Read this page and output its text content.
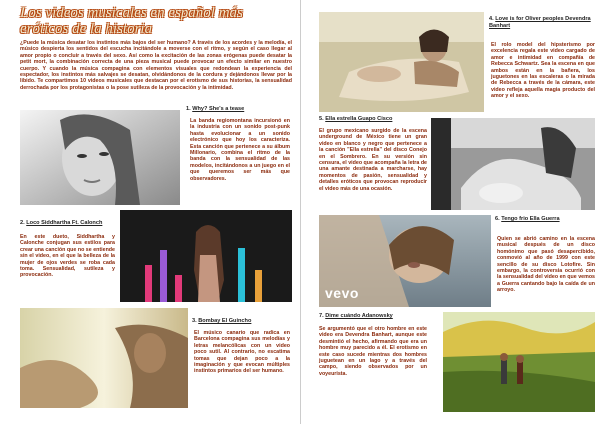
Los videos musicales en español más eróticos de la historia

¿Puede la música desatar los instintos más bajos del ser humano? A través de los acordes y la melodía, el músico despierta los sentidos del escucha incitándole a moverse con el ritmo, y según el caso llegar al amor propio o concluir a través del sexo. Así como la excitación de las zonas erógenas puede desatar la petit mort, la combinación correcta de una pieza musical puede provocar un efecto similar en nuestro cuerpo. Y cuando la música compagina con elementos visuales que redondean la experiencia del espectador, los instintos más salvajes se desatan, olvidándonos de la cordura y dejándonos llevar por la libido. Te compartimos 10 videos musicales que destacan por el erotismo de sus historias, la sensualidad derrochada por los protagonistas o la pose sutileza de la provocación y la intimidad.

1. Why? She's a tease

La banda regiomontana incursionó en la industria con un sonido post-punk hasta evolucionar a un sonido electrónico que hoy los caracteriza. Esta canción que pertenece a su álbum Millonario, combina el ritmo de la banda con la sensualidad de las modelos, incitándonos a un juego en el que queremos ser más que observadores.

2. Loco Siddhartha Ft. Calonch

En este dueto, Siddhartha y Calonche conjugan sus estilos para crear una canción que no se entiende sin el video, en el que la belleza de la mujer de ojos verdes se roba cada toma. Sensualidad, sutileza y provocación.

3. Bombay El Guincho

El músico canario que radica en Barcelona compagina sus melodías y letras melancólicas con un video poco sutil. Al contrario, no escatima tomas que dejan poco a la imaginación y que evocan múltiples instintos primarios del ser humano.

4. Love is for Oliver peoples Devendra Banhart

El rolo model del hipsterismo por excelencia regala este video cargado de amor e intimidad en compañía de Rebecca Schwartz. Sea la escena en que ambos están en la bañera, los juguetones en las escaleras o la mirada de Rebecca a través de la cámara, este video refleja aquella magia producto del amor y el sexo.

5. Ella estrella Guapo Cisco

El grupo mexicano surgido de la escena underground de México tiene un gran video en blanco y negro que pertenece a la canción "Ella estrella" del disco Conejo en el Sombrero. En su versión sin censura, el video que acompaña la letra de una amante destinada a marcharse, hay momentos de pasión, sensualidad y detalles eróticos que provocan reproducir el video más de una ocasión.

vevo
6. Tengo frio Ella Guerra

Quien se abrió camino en la escena musical después de un disco homónimo que pasó desapercibido, conmovió al año de 1999 con este sencillo de su disco Lotofire. Sin embargo, la controversia ocurrió con la sensualidad del video en que vemos a Guerra cantando bajo la caída de un arroyo.

7. Dime cuándo Adanowsky

Se argumentó que el otro hombre en este video era Devendra Banhart, aunque este desmintió el hecho, afirmando que era un hombre muy parecido a él. El erotismo en este caso sucede mientras dos hombres juguetean en un lago y a través del campo, siendo observados por un voyeurista.
